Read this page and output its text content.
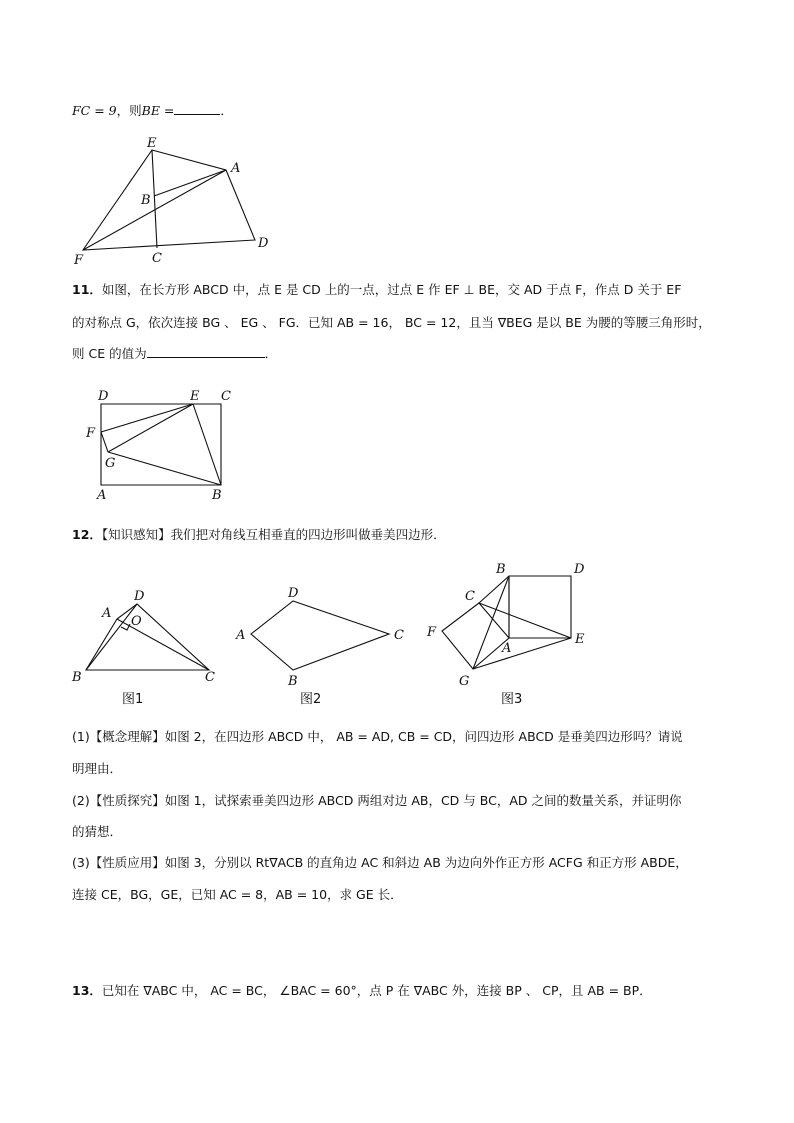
FC = 9，则BE =	．
E
A
B
F	C
D
11．如图，在长方形 ABCD 中，点 E 是 CD 上的一点，过点 E 作 EF ⊥ BE，交 AD 于点 F，作点 D 关于 EF
的对称点 G，依次连接 BG 、 EG 、 FG．已知 AB = 16， BC = 12，且当 ∇BEG 是以 BE 为腰的等腰三角形时，
则 CE 的值为	．
D	E C
F
G
A	B
12．【知识感知】我们把对角线互相垂直的四边形叫做垂美四边形．
A
D
O
B	C
图1
D
A	C
B
图2
B	D
C
F
A
E
G
图3
(1)【概念理解】如图 2，在四边形 ABCD 中， AB = AD, CB = CD，问四边形 ABCD 是垂美四边形吗？请说
明理由．
(2)【性质探究】如图 1，试探索垂美四边形 ABCD 两组对边 AB，CD 与 BC，AD 之间的数量关系，并证明你
的猜想．
(3)【性质应用】如图 3，分别以 Rt∇ACB 的直角边 AC 和斜边 AB 为边向外作正方形 ACFG 和正方形 ABDE，
连接 CE，BG，GE，已知 AC = 8，AB = 10，求 GE 长．
13．已知在 ∇ABC 中， AC = BC， ∠BAC = 60°，点 P 在 ∇ABC 外，连接 BP 、 CP，且 AB = BP．
